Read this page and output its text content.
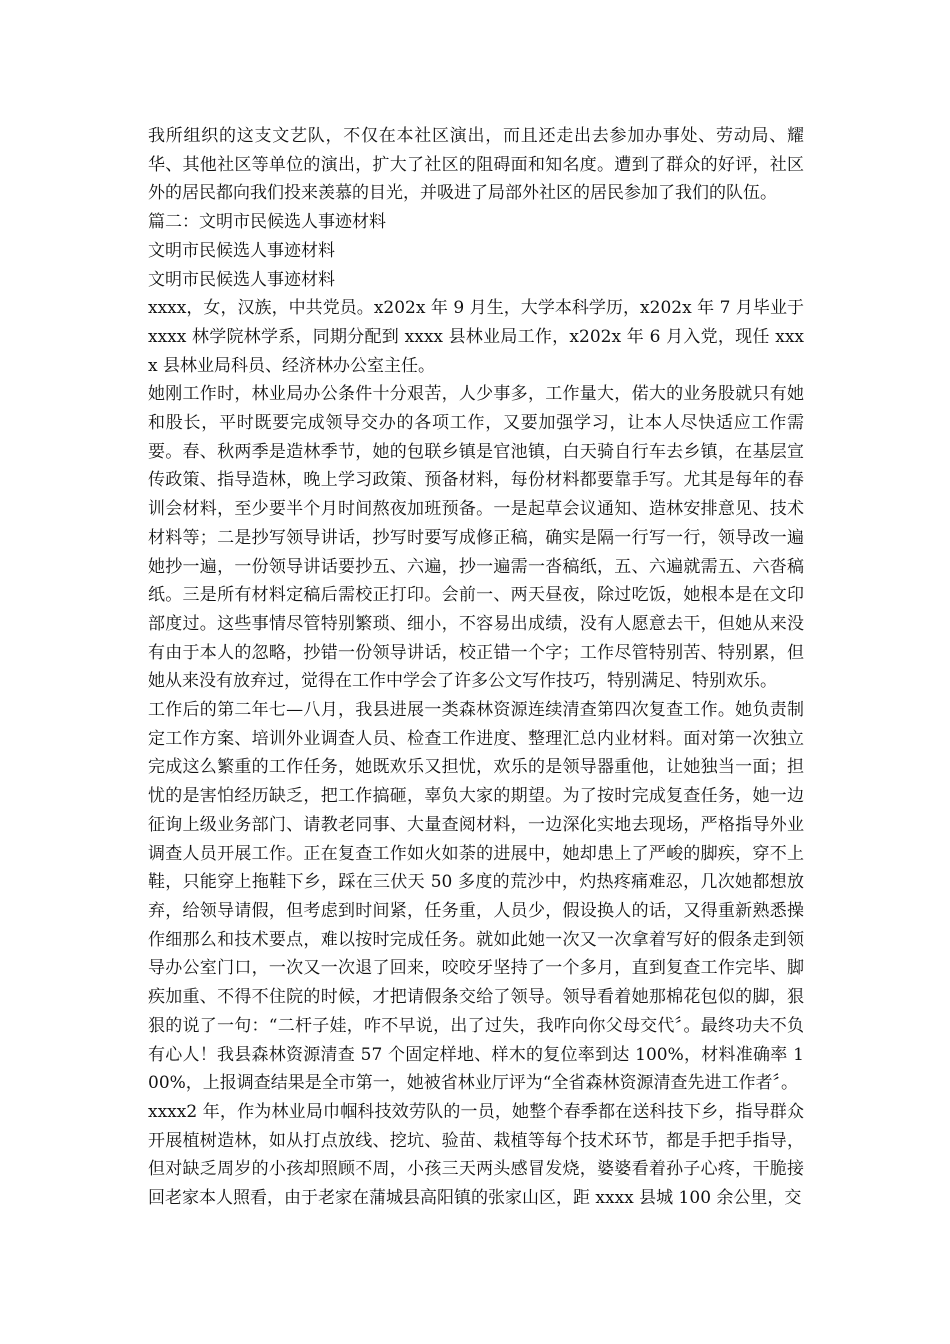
我所组织的这支文艺队，不仅在本社区演出，而且还走出去参加办事处、劳动局、耀华、其他社区等单位的演出，扩大了社区的阻碍面和知名度。遭到了群众的好评，社区外的居民都向我们投来羡慕的目光，并吸进了局部外社区的居民参加了我们的队伍。

篇二：文明市民候选人事迹材料

文明市民候选人事迹材料

文明市民候选人事迹材料

xxxx，女，汉族，中共党员。x202x 年 9 月生，大学本科学历，x202x 年 7 月毕业于 xxxx 林学院林学系，同期分配到 xxxx 县林业局工作，x202x 年 6 月入党，现任 xxxx 县林业局科员、经济林办公室主任。

她刚工作时，林业局办公条件十分艰苦，人少事多，工作量大，偌大的业务股就只有她和股长，平时既要完成领导交办的各项工作，又要加强学习，让本人尽快适应工作需要。春、秋两季是造林季节，她的包联乡镇是官池镇，白天骑自行车去乡镇，在基层宣传政策、指导造林，晚上学习政策、预备材料，每份材料都要靠手写。尤其是每年的春训会材料，至少要半个月时间熬夜加班预备。一是起草会议通知、造林安排意见、技术材料等；二是抄写领导讲话，抄写时要写成修正稿，确实是隔一行写一行，领导改一遍她抄一遍，一份领导讲话要抄五、六遍，抄一遍需一沓稿纸，五、六遍就需五、六沓稿纸。三是所有材料定稿后需校正打印。会前一、两天昼夜，除过吃饭，她根本是在文印部度过。这些事情尽管特别繁琐、细小，不容易出成绩，没有人愿意去干，但她从来没有由于本人的忽略，抄错一份领导讲话，校正错一个字；工作尽管特别苦、特别累，但她从来没有放弃过，觉得在工作中学会了许多公文写作技巧，特别满足、特别欢乐。

工作后的第二年七—八月，我县进展一类森林资源连续清查第四次复查工作。她负责制定工作方案、培训外业调查人员、检查工作进度、整理汇总内业材料。面对第一次独立完成这么繁重的工作任务，她既欢乐又担忧，欢乐的是领导器重他，让她独当一面；担忧的是害怕经历缺乏，把工作搞砸，辜负大家的期望。为了按时完成复查任务，她一边征询上级业务部门、请教老同事、大量查阅材料，一边深化实地去现场，严格指导外业调查人员开展工作。正在复查工作如火如荼的进展中，她却患上了严峻的脚疾，穿不上鞋，只能穿上拖鞋下乡，踩在三伏天 50 多度的荒沙中，灼热疼痛难忍，几次她都想放弃，给领导请假，但考虑到时间紧，任务重，人员少，假设换人的话，又得重新熟悉操作细那么和技术要点，难以按时完成任务。就如此她一次又一次拿着写好的假条走到领导办公室门口，一次又一次退了回来，咬咬牙坚持了一个多月，直到复查工作完毕、脚疾加重、不得不住院的时候，才把请假条交给了领导。领导看着她那棉花包似的脚，狠狠的说了一句：“二杆子娃，咋不早说，出了过失，我咋向你父母交代〞。最终功夫不负有心人！我县森林资源清查 57 个固定样地、样木的复位率到达 100%，材料准确率 100%，上报调查结果是全市第一，她被省林业厅评为“全省森林资源清查先进工作者〞。

xxxx2 年，作为林业局巾帼科技效劳队的一员，她整个春季都在送科技下乡，指导群众开展植树造林，如从打点放线、挖坑、验苗、栽植等每个技术环节，都是手把手指导，但对缺乏周岁的小孩却照顾不周，小孩三天两头感冒发烧，婆婆看着孙子心疼，干脆接回老家本人照看，由于老家在蒲城县高阳镇的张家山区，距 xxxx 县城 100 余公里，交
